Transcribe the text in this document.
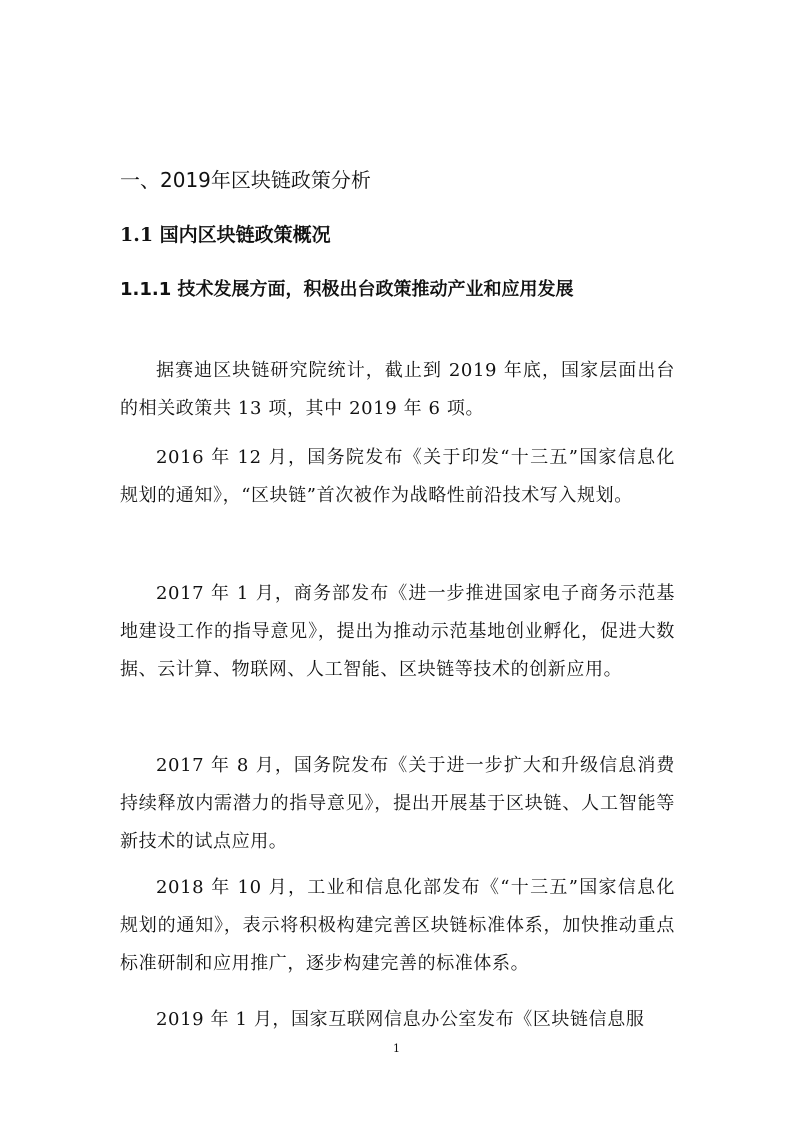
一、2019年区块链政策分析
1.1 国内区块链政策概况
1.1.1 技术发展方面，积极出台政策推动产业和应用发展

据赛迪区块链研究院统计，截止到 2019 年底，国家层面出台的相关政策共 13 项，其中 2019 年 6 项。

2016 年 12 月，国务院发布《关于印发“十三五”国家信息化规划的通知》，“区块链”首次被作为战略性前沿技术写入规划。

2017 年 1 月，商务部发布《进一步推进国家电子商务示范基地建设工作的指导意见》，提出为推动示范基地创业孵化，促进大数据、云计算、物联网、人工智能、区块链等技术的创新应用。

2017 年 8 月，国务院发布《关于进一步扩大和升级信息消费持续释放内需潜力的指导意见》，提出开展基于区块链、人工智能等新技术的试点应用。

2018 年 10 月，工业和信息化部发布《“十三五”国家信息化规划的通知》，表示将积极构建完善区块链标准体系，加快推动重点标准研制和应用推广，逐步构建完善的标准体系。

2019 年 1 月，国家互联网信息办公室发布《区块链信息服

1
